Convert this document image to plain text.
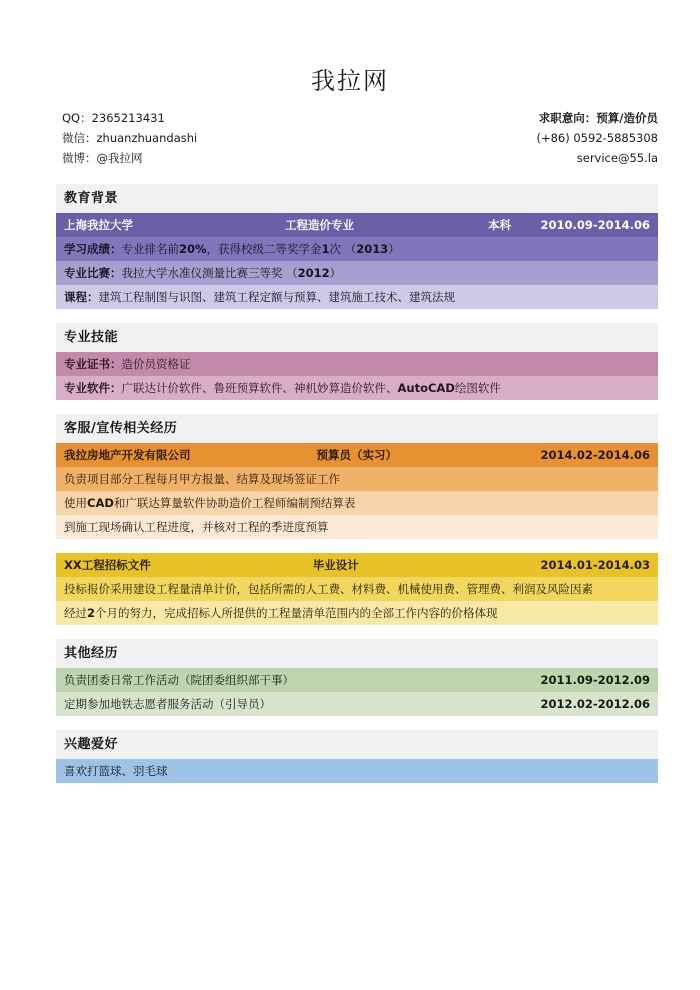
我拉网
QQ：2365213431
微信：zhuanzhuandashi
微博：@我拉网
求职意向：预算/造价员
(+86) 0592-5885308
service@55.la
教育背景
上海我拉大学	工程造价专业	本科	2010.09-2014.06
学习成绩：专业排名前20%，获得校级二等奖学金1次 （2013）
专业比赛：我拉大学水准仪测量比赛三等奖 （2012）
课程：建筑工程制图与识图、建筑工程定额与预算、建筑施工技术、建筑法规
专业技能
专业证书：造价员资格证
专业软件：广联达计价软件、鲁班预算软件、神机妙算造价软件、AutoCAD绘图软件
客服/宣传相关经历
我拉房地产开发有限公司	预算员（实习）	2014.02-2014.06
负责项目部分工程每月甲方报量、结算及现场签证工作
使用CAD和广联达算量软件协助造价工程师编制预结算表
到施工现场确认工程进度，并核对工程的季进度预算
XX工程招标文件	毕业设计	2014.01-2014.03
投标报价采用建设工程量清单计价，包括所需的人工费、材料费、机械使用费、管理费、利润及风险因素
经过2个月的努力，完成招标人所提供的工程量清单范围内的全部工作内容的价格体现
其他经历
负责团委日常工作活动（院团委组织部干事）	2011.09-2012.09
定期参加地铁志愿者服务活动（引导员）	2012.02-2012.06
兴趣爱好
喜欢打篮球、羽毛球
